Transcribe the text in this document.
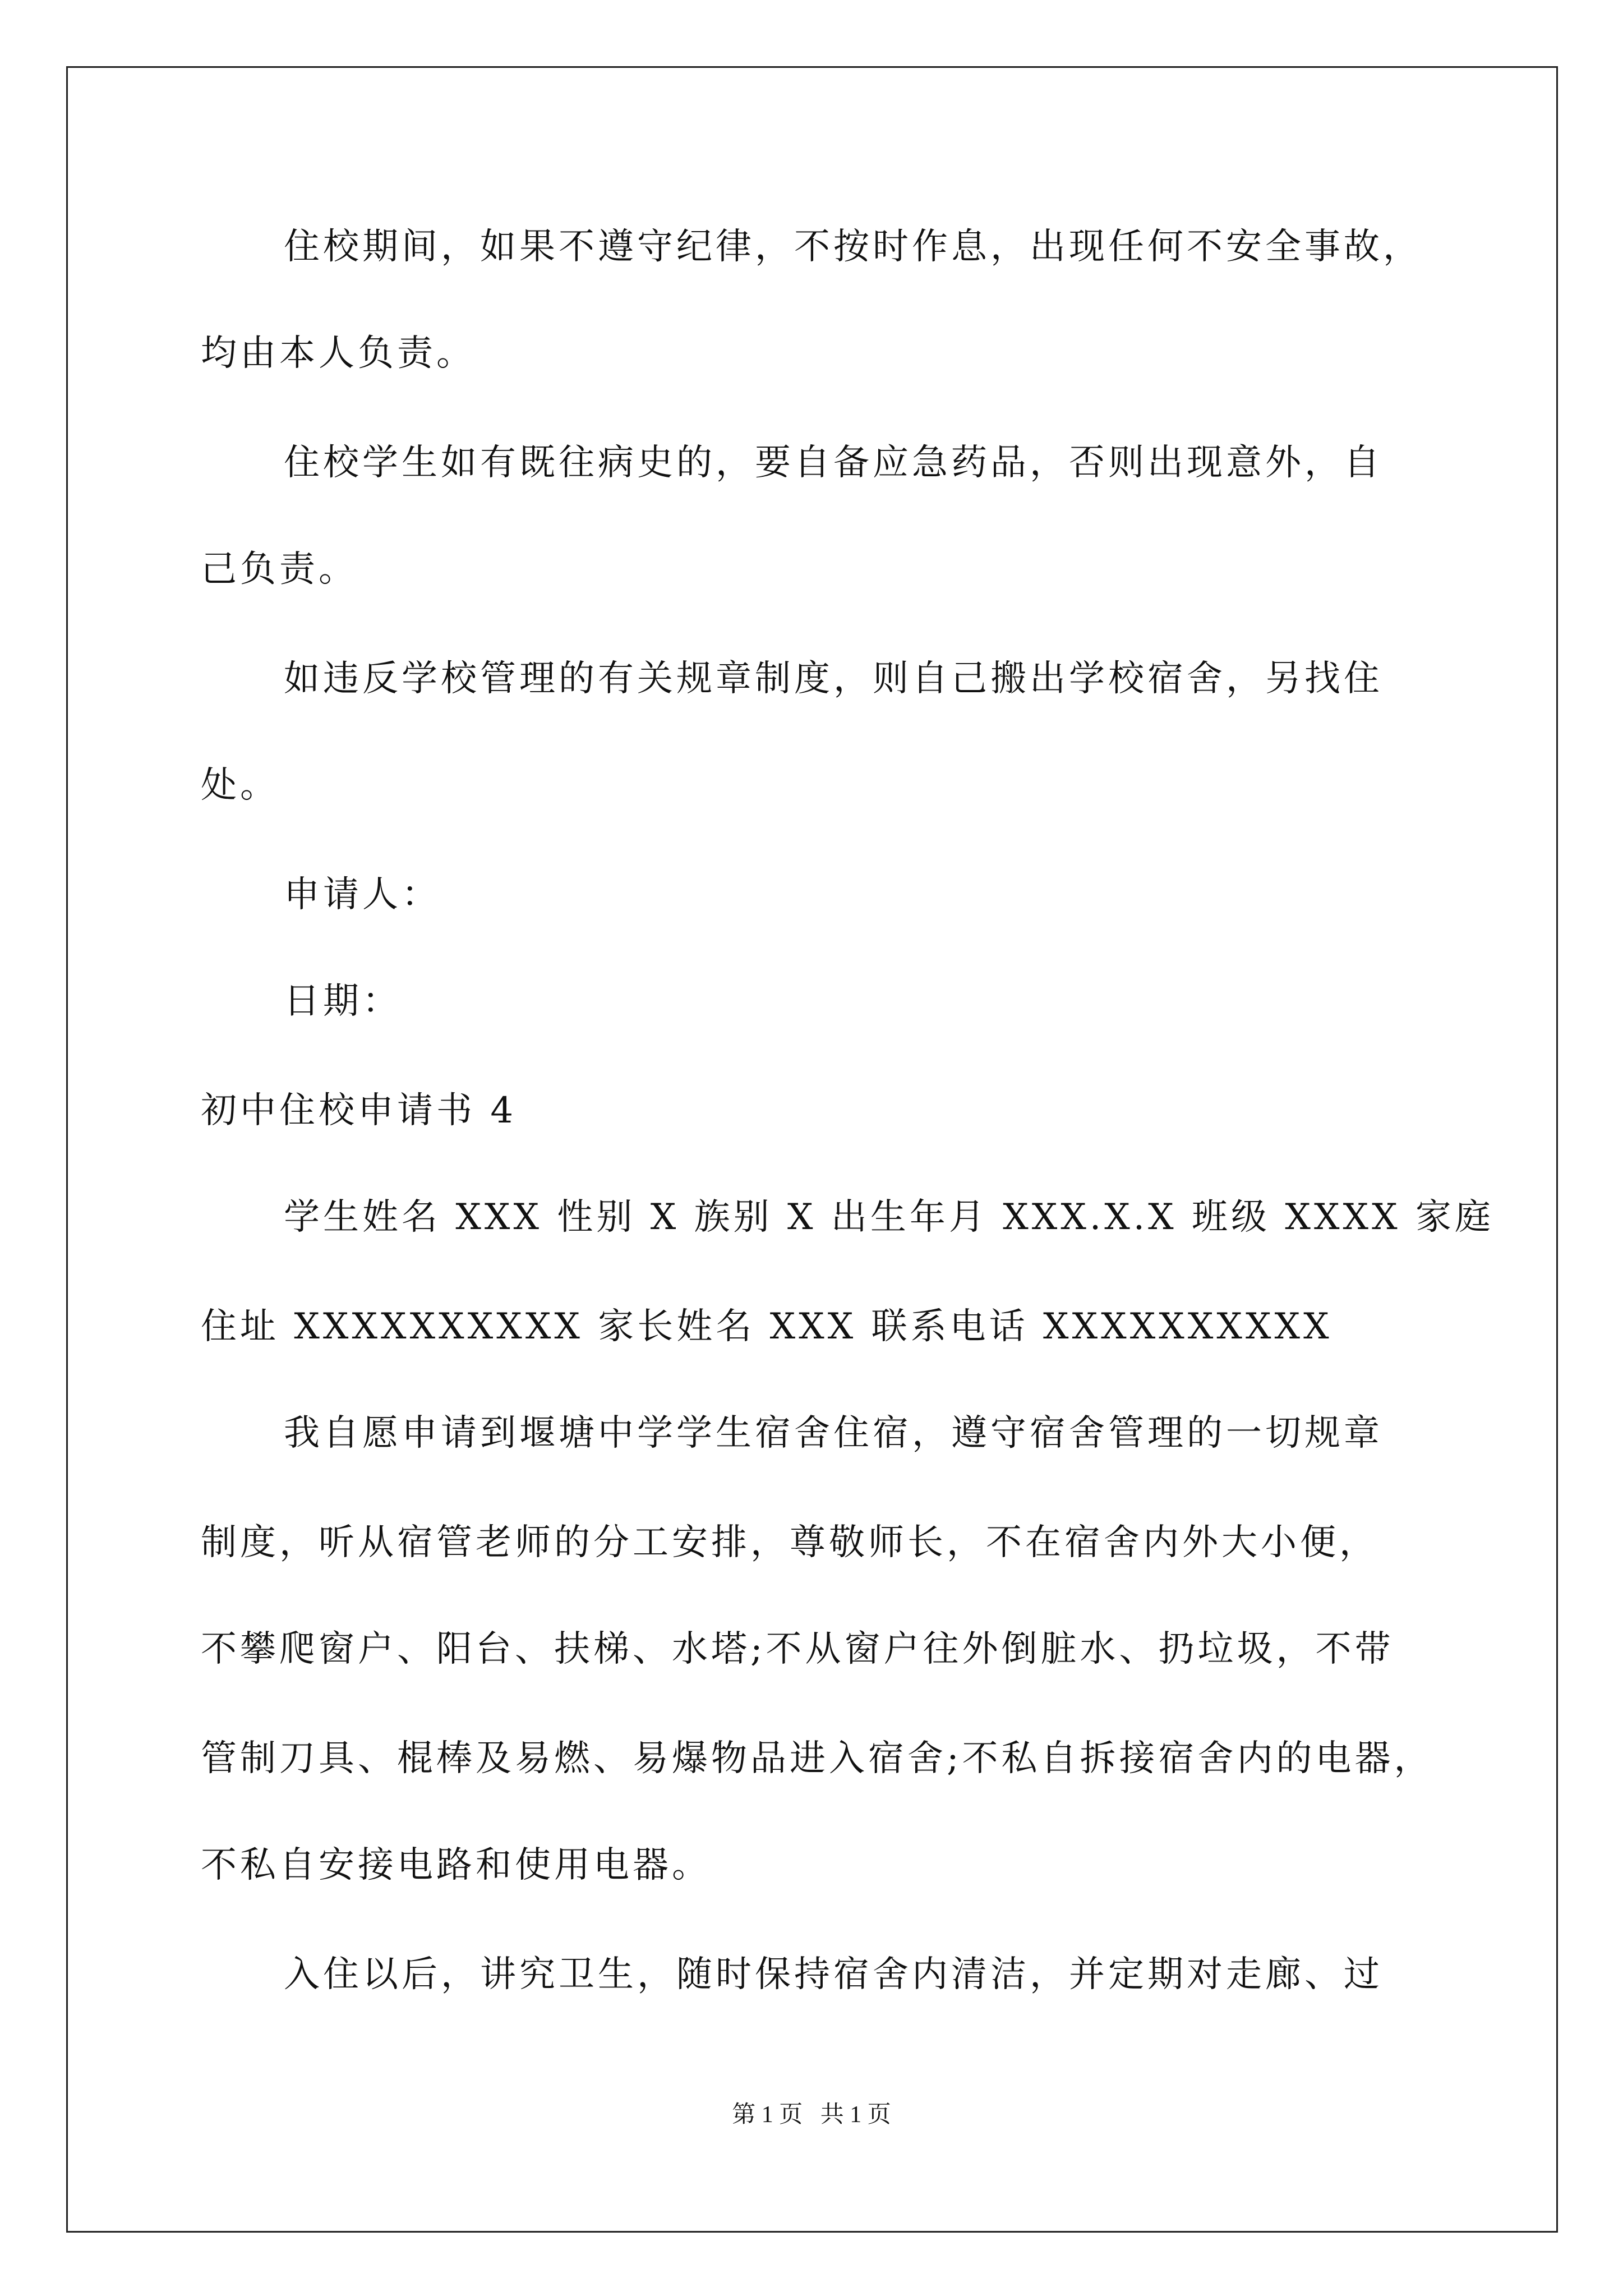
住校期间，如果不遵守纪律，不按时作息，出现任何不安全事故，
均由本人负责。
住校学生如有既往病史的，要自备应急药品，否则出现意外，自
己负责。
如违反学校管理的有关规章制度，则自己搬出学校宿舍，另找住
处。
申请人：
日期：
初中住校申请书 4
学生姓名 XXX 性别 X 族别 X 出生年月 XXX.X.X 班级 XXXX 家庭
住址 XXXXXXXXXX 家长姓名 XXX 联系电话 XXXXXXXXXX
我自愿申请到堰塘中学学生宿舍住宿，遵守宿舍管理的一切规章
制度，听从宿管老师的分工安排，尊敬师长，不在宿舍内外大小便，
不攀爬窗户、阳台、扶梯、水塔;不从窗户往外倒脏水、扔垃圾，不带
管制刀具、棍棒及易燃、易爆物品进入宿舍;不私自拆接宿舍内的电器，
不私自安接电路和使用电器。
入住以后，讲究卫生，随时保持宿舍内清洁，并定期对走廊、过
第 1 页   共 1 页
